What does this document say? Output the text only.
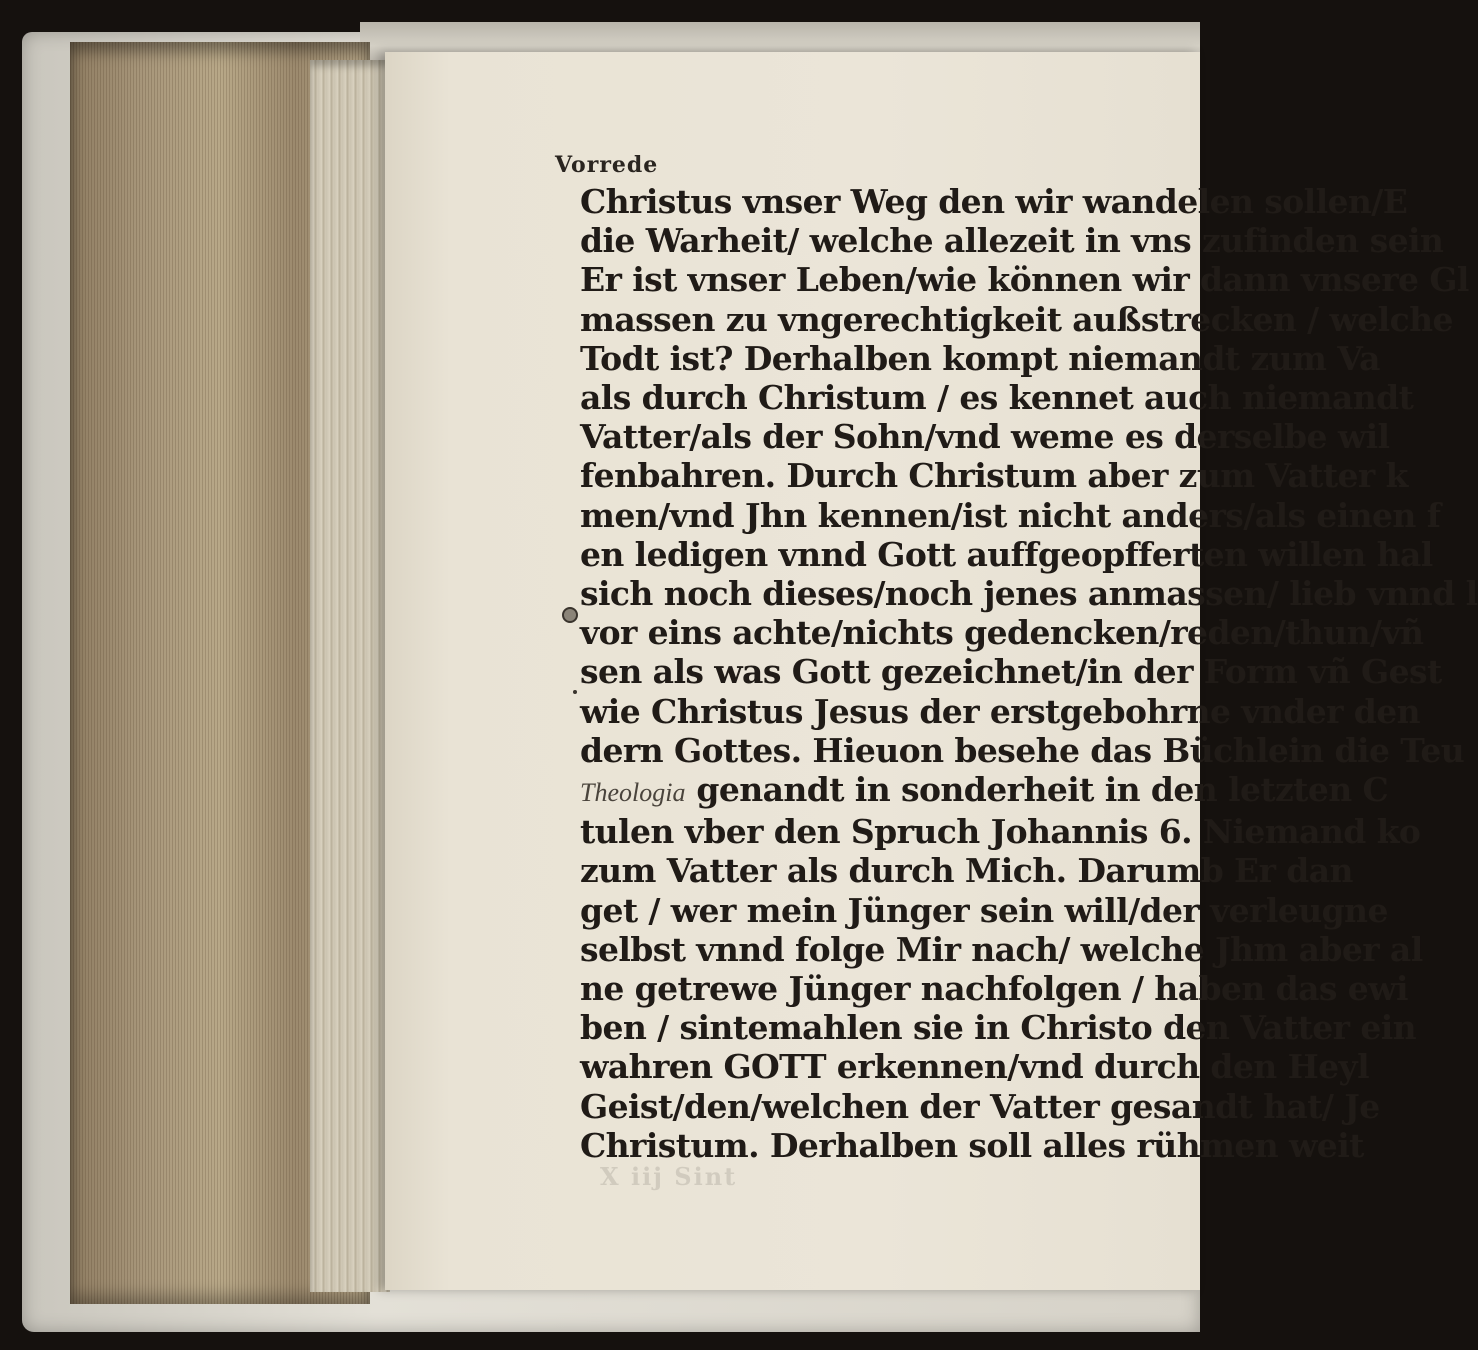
Vorrede

Christus vnser Weg den wir wandelen sollen/E
die Warheit/ welche allezeit in vns zufinden sein
Er ist vnser Leben/wie können wir dann vnsere Gl
massen zu vngerechtigkeit außstrecken / welche
Todt ist? Derhalben kompt niemandt zum Va
als durch Christum / es kennet auch niemandt
Vatter/als der Sohn/vnd weme es derselbe wil
fenbahren. Durch Christum aber zum Vatter k
men/vnd Jhn kennen/ist nicht anders/als einen f
en ledigen vnnd Gott auffgeopfferten willen hal
sich noch dieses/noch jenes anmassen/ lieb vnnd l
vor eins achte/nichts gedencken/reden/thun/vñ
sen als was Gott gezeichnet/in der Form vñ Gest
wie Christus Jesus der erstgebohrne vnder den
dern Gottes. Hieuon besehe das Büchlein die Teu
Theologia genandt in sonderheit in den letzten C
tulen vber den Spruch Johannis 6. Niemand ko
zum Vatter als durch Mich. Darumb Er dan
get / wer mein Jünger sein will/der verleugne
selbst vnnd folge Mir nach/ welche Jhm aber al
ne getrewe Jünger nachfolgen / haben das ewi
ben / sintemahlen sie in Christo den Vatter ein
wahren GOTT erkennen/vnd durch den Heyl
Geist/den/welchen der Vatter gesandt hat/ Je
Christum. Derhalben soll alles rühmen weit

X iij Sint
